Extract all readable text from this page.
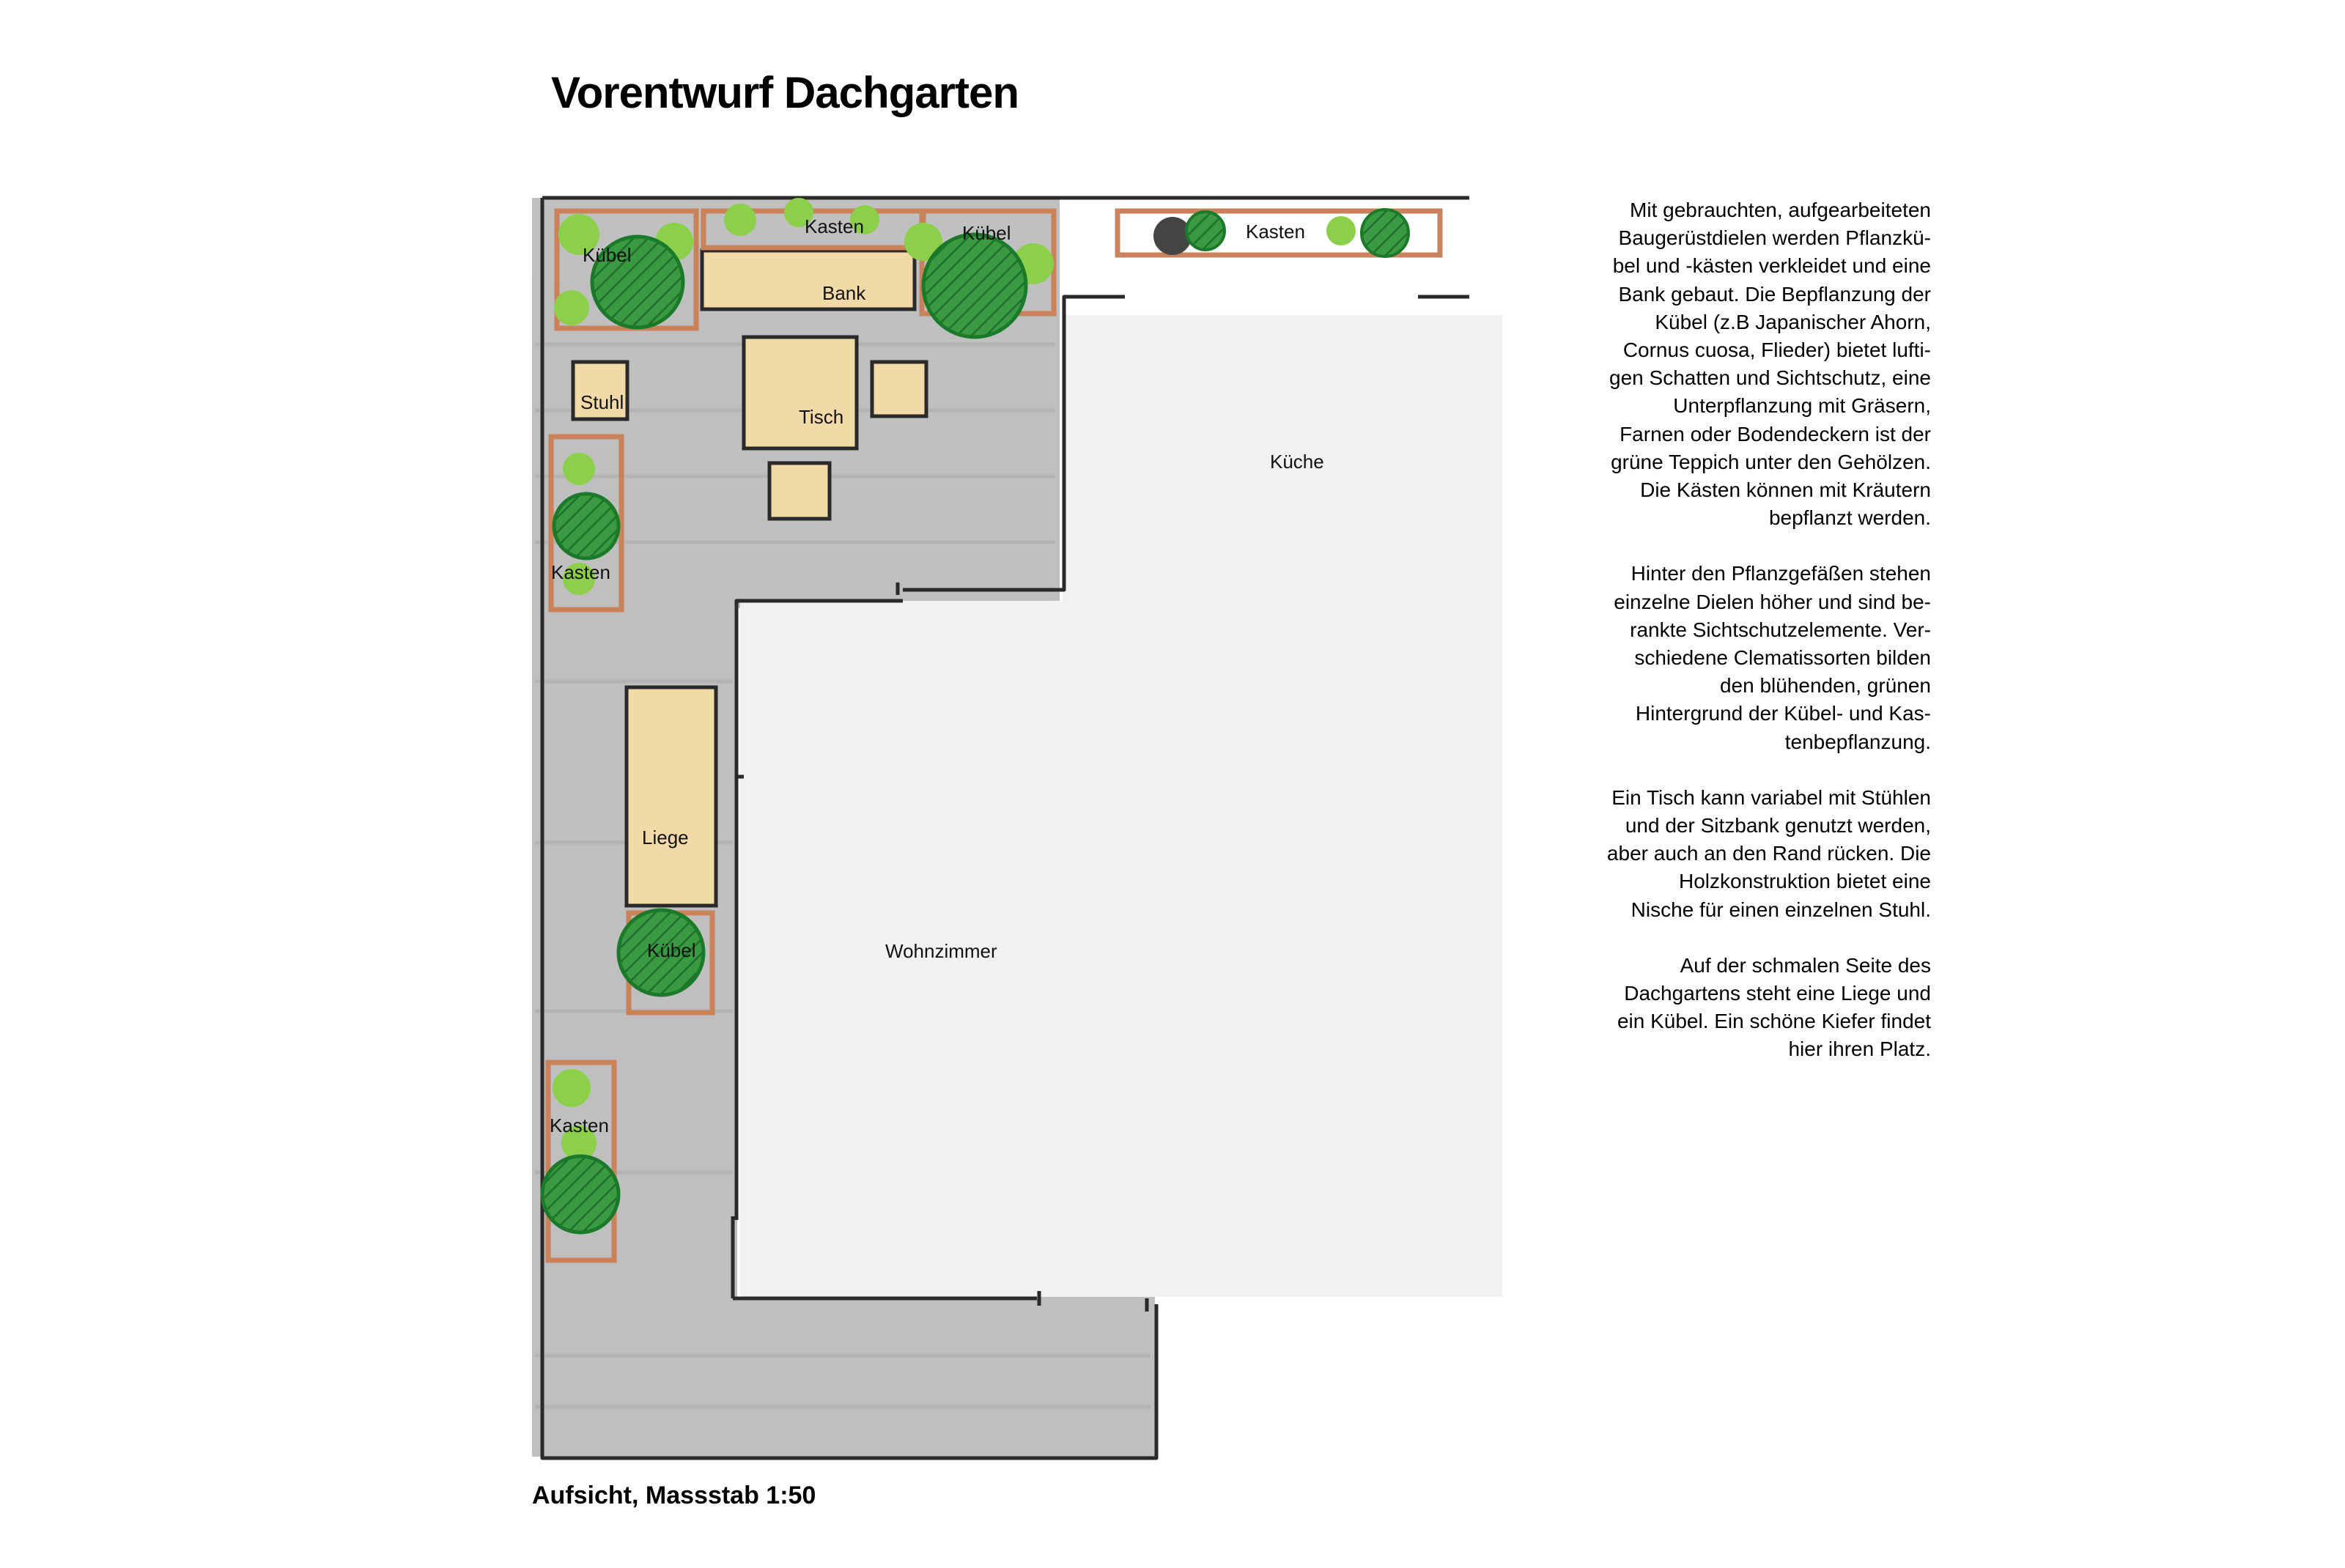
Vorentwurf Dachgarten
Kübel
Kasten	Kübel	Kasten
Bank
Stuhl
Tisch
Kasten
Liege
Kübel
Kasten
Küche
Wohnzimmer

Mit gebrauchten, aufgearbeiteten
Baugerüstdielen werden Pflanzkü-
bel und -kästen verkleidet und eine
Bank gebaut. Die Bepflanzung der
Kübel (z.B Japanischer Ahorn,
Cornus cuosa, Flieder) bietet lufti-
gen Schatten und Sichtschutz, eine
Unterpflanzung mit Gräsern,
Farnen oder Bodendeckern ist der
grüne Teppich unter den Gehölzen.
Die Kästen können mit Kräutern
bepflanzt werden.

Hinter den Pflanzgefäßen stehen
einzelne Dielen höher und sind be-
rankte Sichtschutzelemente. Ver-
schiedene Clematissorten bilden
den blühenden, grünen
Hintergrund der Kübel- und Kas-
tenbepflanzung.

Ein Tisch kann variabel mit Stühlen
und der Sitzbank genutzt werden,
aber auch an den Rand rücken. Die
Holzkonstruktion bietet eine
Nische für einen einzelnen Stuhl.

Auf der schmalen Seite des
Dachgartens steht eine Liege und
ein Kübel. Ein schöne Kiefer findet
hier ihren Platz.

Aufsicht, Massstab 1:50
